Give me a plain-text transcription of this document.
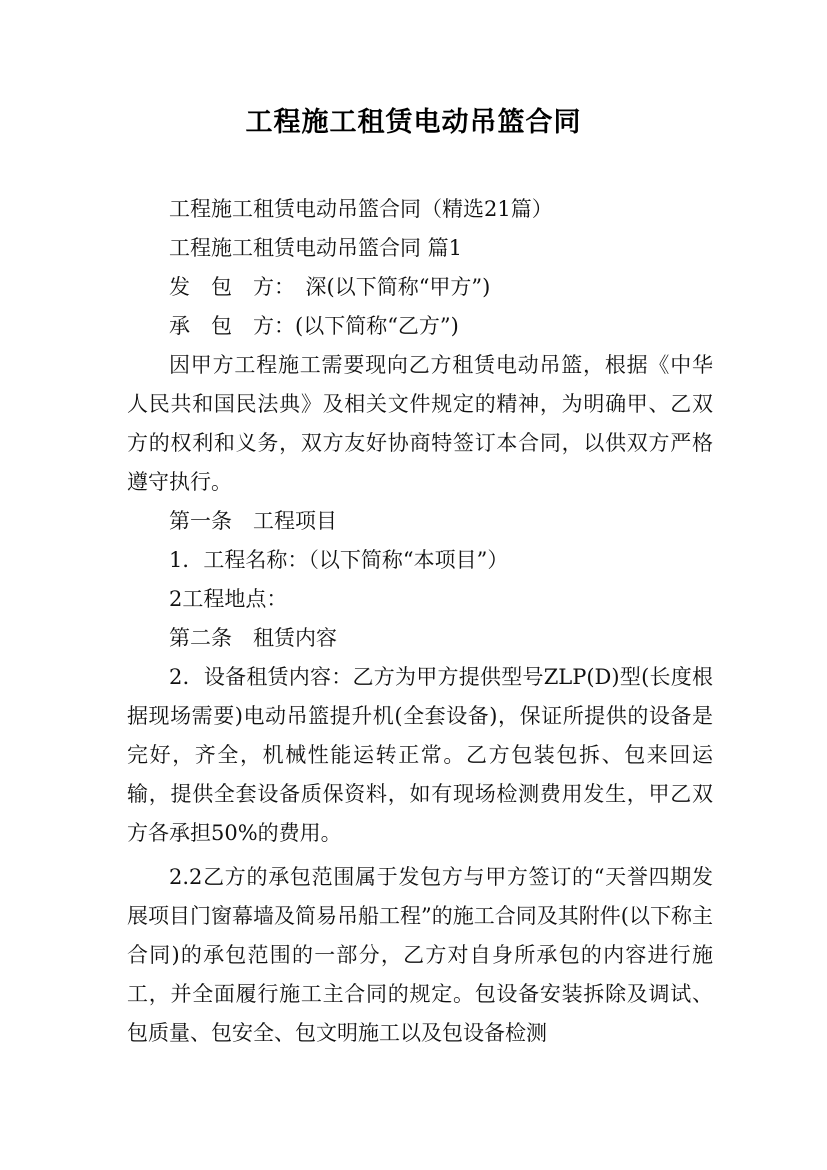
工程施工租赁电动吊篮合同

工程施工租赁电动吊篮合同（精选21篇）

工程施工租赁电动吊篮合同 篇1

发　包　方：　深(以下简称“甲方”)

承　包　方：(以下简称“乙方”)

因甲方工程施工需要现向乙方租赁电动吊篮，根据《中华人民共和国民法典》及相关文件规定的精神，为明确甲、乙双方的权利和义务，双方友好协商特签订本合同，以供双方严格遵守执行。

第一条　工程项目

1．工程名称：（以下简称“本项目”）

2工程地点：

第二条　租赁内容

2．设备租赁内容：乙方为甲方提供型号ZLP(D)型(长度根据现场需要)电动吊篮提升机(全套设备)，保证所提供的设备是完好，齐全，机械性能运转正常。乙方包装包拆、包来回运输，提供全套设备质保资料，如有现场检测费用发生，甲乙双方各承担50%的费用。

2.2乙方的承包范围属于发包方与甲方签订的“天誉四期发展项目门窗幕墙及简易吊船工程”的施工合同及其附件(以下称主合同)的承包范围的一部分，乙方对自身所承包的内容进行施工，并全面履行施工主合同的规定。包设备安装拆除及调试、包质量、包安全、包文明施工以及包设备检测
